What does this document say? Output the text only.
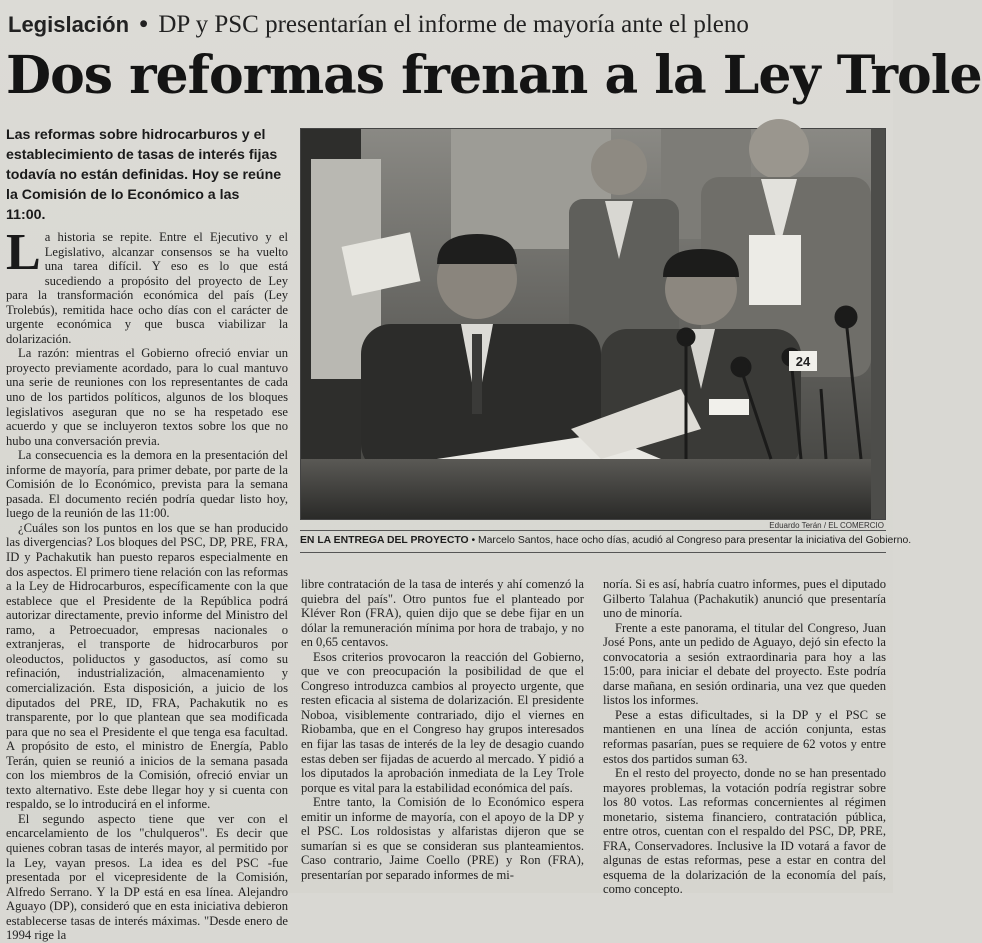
Legislación • DP y PSC presentarían el informe de mayoría ante el pleno
Dos reformas frenan a la Ley Trole
Las reformas sobre hidrocarburos y el establecimiento de tasas de interés fijas todavía no están definidas. Hoy se reúne la Comisión de lo Económico a las 11:00.

La historia se repite. Entre el Ejecutivo y el Legislativo, alcanzar consensos se ha vuelto una tarea difícil. Y eso es lo que está sucediendo a propósito del proyecto de Ley para la transformación económica del país (Ley Trolebús), remitida hace ocho días con el carácter de urgente económica y que busca viabilizar la dolarización.

La razón: mientras el Gobierno ofreció enviar un proyecto previamente acordado, para lo cual mantuvo una serie de reuniones con los representantes de cada uno de los partidos políticos, algunos de los bloques legislativos aseguran que no se ha respetado ese acuerdo y que se incluyeron textos sobre los que no hubo una conversación previa.

La consecuencia es la demora en la presentación del informe de mayoría, para primer debate, por parte de la Comisión de lo Económico, prevista para la semana pasada. El documento recién podría quedar listo hoy, luego de la reunión de las 11:00.

¿Cuáles son los puntos en los que se han producido las divergencias? Los bloques del PSC, DP, PRE, FRA, ID y Pachakutik han puesto reparos especialmente en dos aspectos. El primero tiene relación con las reformas a la Ley de Hidrocarburos, específicamente con la que establece que el Presidente de la República podrá autorizar directamente, previo informe del Ministro del ramo, a Petroecuador, empresas nacionales o extranjeras, el transporte de hidrocarburos por oleoductos, poliductos y gasoductos, así como su refinación, industrialización, almacenamiento y comercialización. Esta disposición, a juicio de los diputados del PRE, ID, FRA, Pachakutik no es transparente, por lo que plantean que sea modificada para que no sea el Presidente el que tenga esa facultad. A propósito de esto, el ministro de Energía, Pablo Terán, quien se reunió a inicios de la semana pasada con los miembros de la Comisión, ofreció enviar un texto alternativo. Este debe llegar hoy y si cuenta con respaldo, se lo introducirá en el informe.

El segundo aspecto tiene que ver con el encarcelamiento de los "chulqueros". Es decir que quienes cobran tasas de interés mayor, al permitido por la Ley, vayan presos. La idea es del PSC -fue presentada por el vicepresidente de la Comisión, Alfredo Serrano. Y la DP está en esa línea. Alejandro Aguayo (DP), consideró que en esta iniciativa debieron establecerse tasas de interés máximas. "Desde enero de 1994 rige la

24
Eduardo Terán / EL COMERCIO
EN LA ENTREGA DEL PROYECTO • Marcelo Santos, hace ocho días, acudió al Congreso para presentar la iniciativa del Gobierno.

libre contratación de la tasa de interés y ahí comenzó la quiebra del país". Otro puntos fue el planteado por Kléver Ron (FRA), quien dijo que se debe fijar en un dólar la remuneración mínima por hora de trabajo, y no en 0,65 centavos.

Esos criterios provocaron la reacción del Gobierno, que ve con preocupación la posibilidad de que el Congreso introduzca cambios al proyecto urgente, que resten eficacia al sistema de dolarización. El presidente Noboa, visiblemente contrariado, dijo el viernes en Riobamba, que en el Congreso hay grupos interesados en fijar las tasas de interés de la ley de desagio cuando estas deben ser fijadas de acuerdo al mercado. Y pidió a los diputados la aprobación inmediata de la Ley Trole porque es vital para la estabilidad económica del país.

Entre tanto, la Comisión de lo Económico espera emitir un informe de mayoría, con el apoyo de la DP y el PSC. Los roldosistas y alfaristas dijeron que se sumarían si es que se consideran sus planteamientos. Caso contrario, Jaime Coello (PRE) y Ron (FRA), presentarían por separado informes de mi-

noría. Si es así, habría cuatro informes, pues el diputado Gilberto Talahua (Pachakutik) anunció que presentaría uno de minoría.

Frente a este panorama, el titular del Congreso, Juan José Pons, ante un pedido de Aguayo, dejó sin efecto la convocatoria a sesión extraordinaria para hoy a las 15:00, para iniciar el debate del proyecto. Este podría darse mañana, en sesión ordinaria, una vez que queden listos los informes.

Pese a estas dificultades, si la DP y el PSC se mantienen en una línea de acción conjunta, estas reformas pasarían, pues se requiere de 62 votos y entre estos dos partidos suman 63.

En el resto del proyecto, donde no se han presentado mayores problemas, la votación podría registrar sobre los 80 votos. Las reformas concernientes al régimen monetario, sistema financiero, contratación pública, entre otros, cuentan con el respaldo del PSC, DP, PRE, FRA, Conservadores. Inclusive la ID votará a favor de algunas de estas reformas, pese a estar en contra del esquema de la dolarización de la economía del país, como concepto.
